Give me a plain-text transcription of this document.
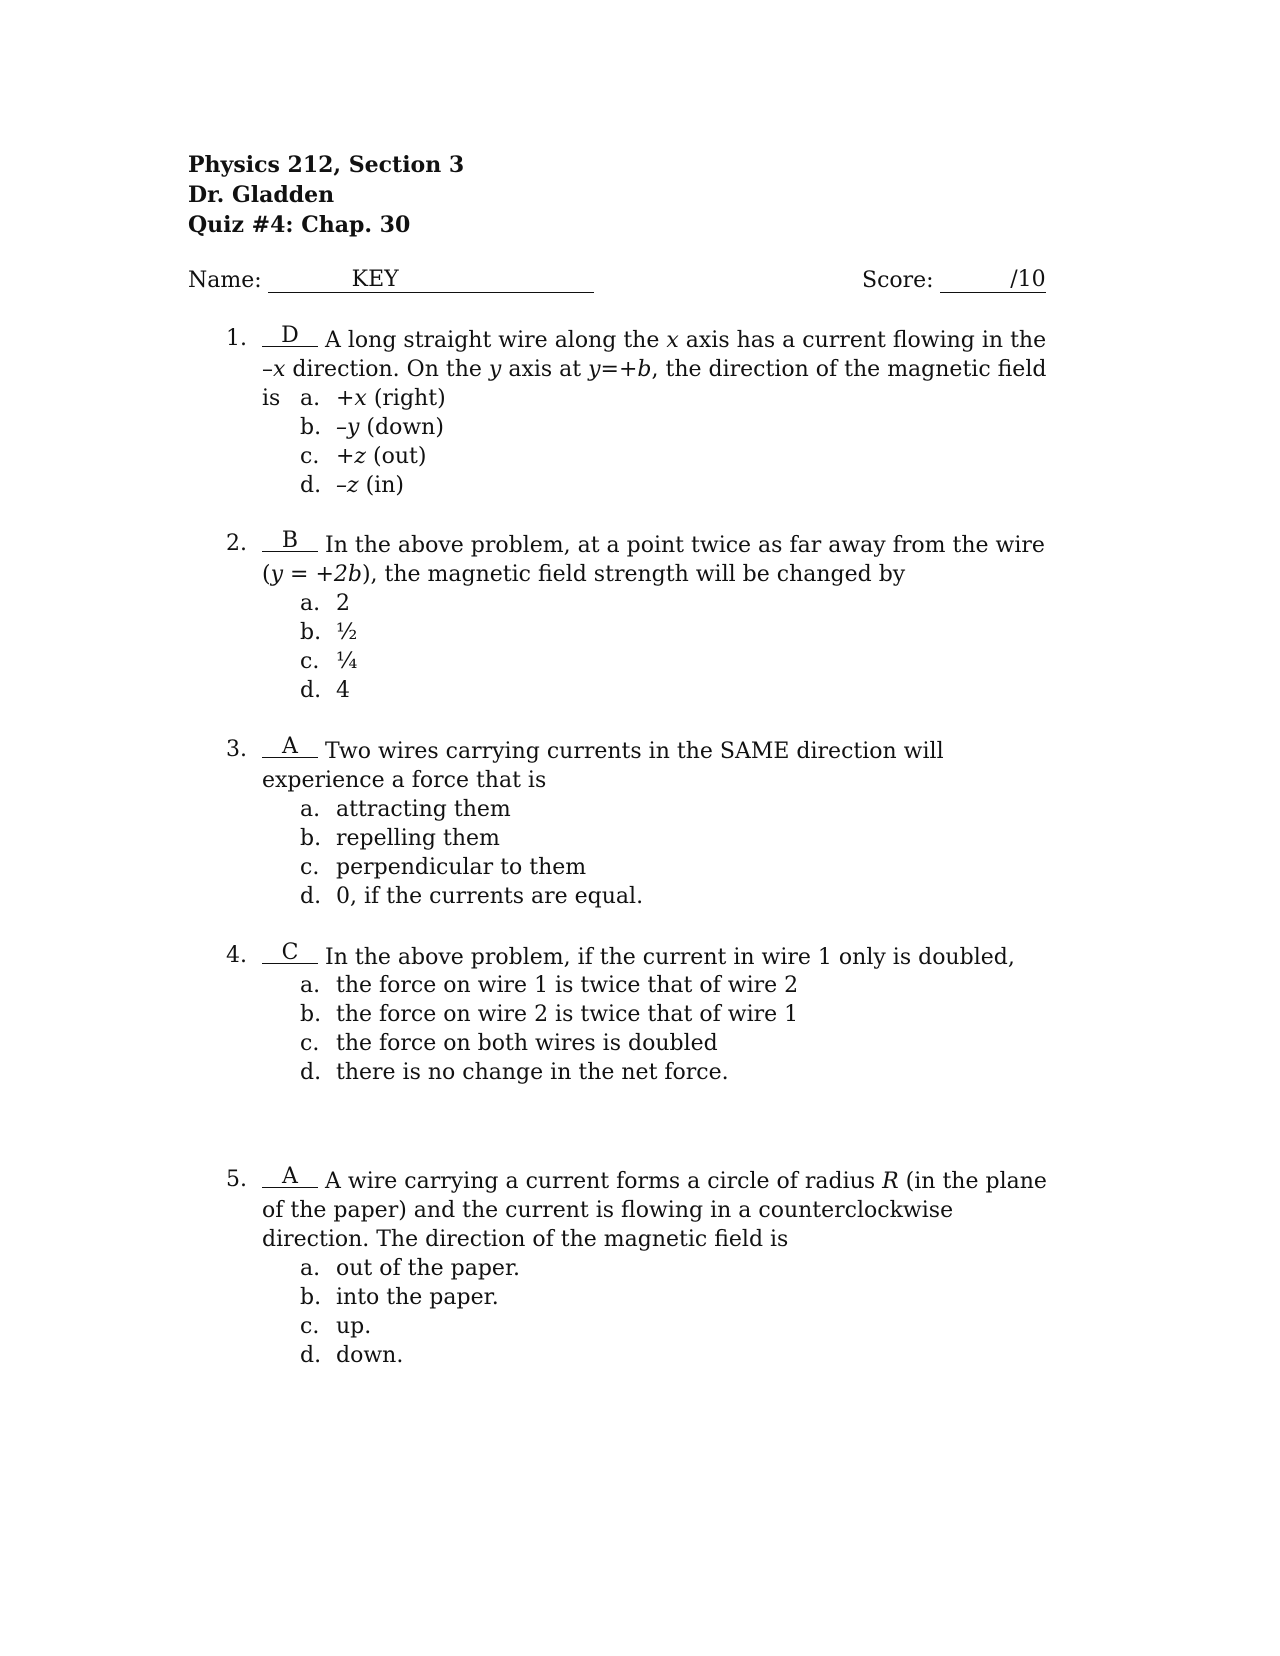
Physics 212, Section 3
Dr. Gladden
Quiz #4: Chap. 30
Name:	KEY	Score:	/10
1.	D	A long straight wire along the x axis has a current flowing in the –x direction. On the y axis at y=+b, the direction of the magnetic field is a. +x (right)
b. –y (down)
c. +z (out)
d. –z (in)
2.	B	In the above problem, at a point twice as far away from the wire (y = +2b), the magnetic field strength will be changed by
a. 2
b. ½
c. ¼
d. 4
3.	A	Two wires carrying currents in the SAME direction will experience a force that is
a. attracting them
b. repelling them
c. perpendicular to them
d. 0, if the currents are equal.
4.	C	In the above problem, if the current in wire 1 only is doubled,
a. the force on wire 1 is twice that of wire 2
b. the force on wire 2 is twice that of wire 1
c. the force on both wires is doubled
d. there is no change in the net force.
5.	A	A wire carrying a current forms a circle of radius R (in the plane of the paper) and the current is flowing in a counterclockwise direction. The direction of the magnetic field is
a. out of the paper.
b. into the paper.
c. up.
d. down.
